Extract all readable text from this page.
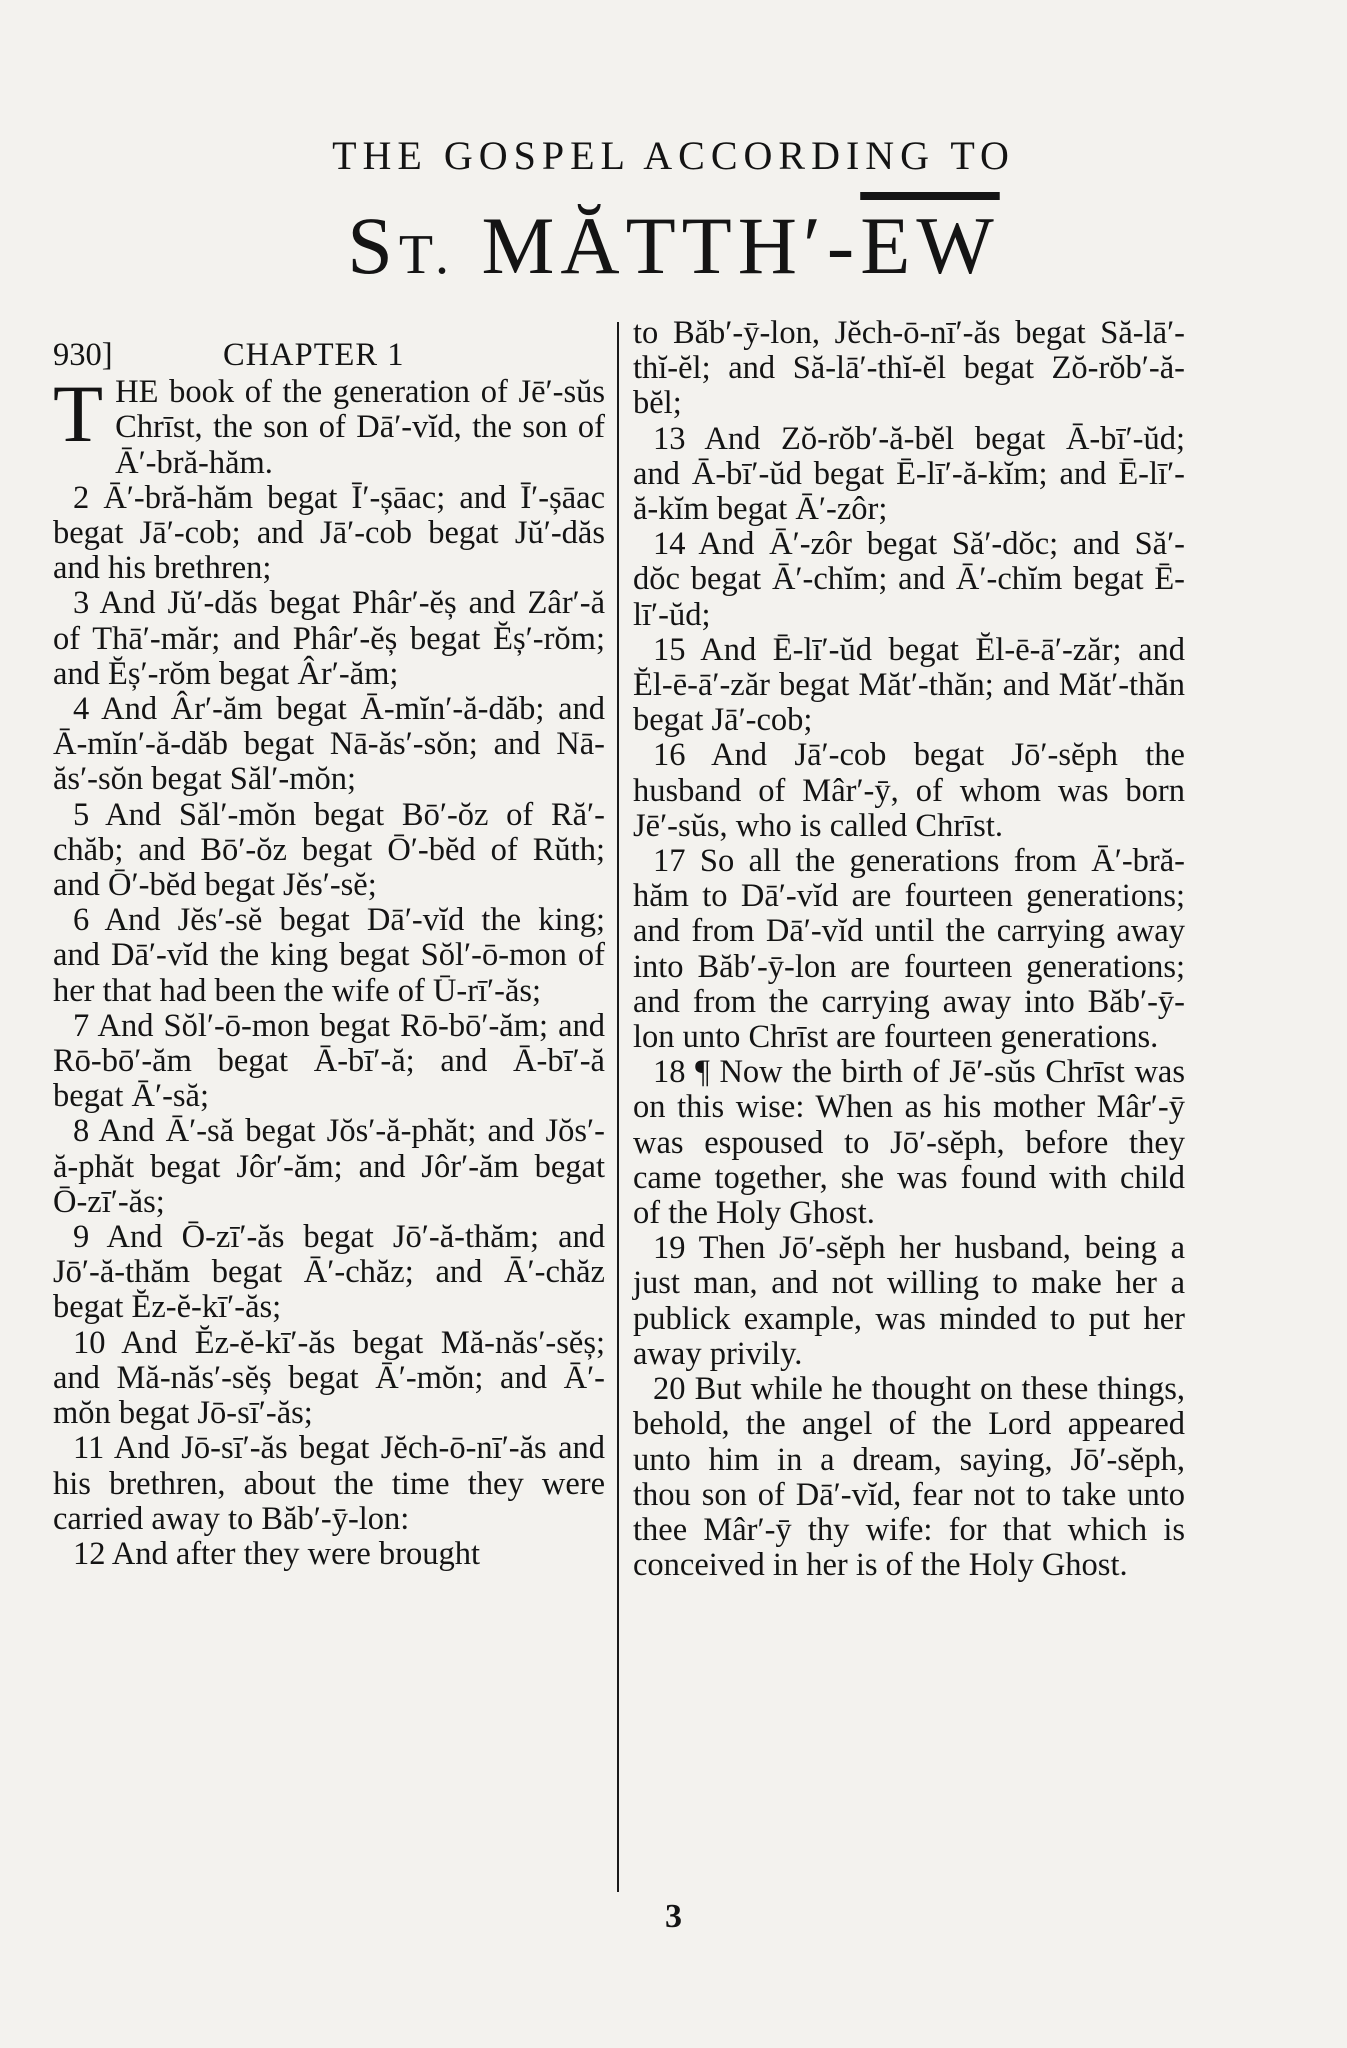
THE GOSPEL ACCORDING TO
ST. $MĂTTH'-\overline{EW}$
930]	CHAPTER 1

THE book of the generation of Jē′-sŭs Chrīst, the son of Dā′-vĭd, the son of Ā′-bră-hăm.

2 Ā′-bră-hăm begat Ī′-șāac; and Ī′-șāac begat Jā′-cob; and Jā′-cob begat Jŭ′-dăs and his brethren;

3 And Jŭ′-dăs begat Phâr′-ĕș and Zâr′-ă of Thā′-măr; and Phâr′-ĕș begat Ĕș′-rŏm; and Ĕș′-rŏm begat Âr′-ăm;

4 And Âr′-ăm begat Ā-mĭn′-ă-dăb; and Ā-mĭn′-ă-dăb begat Nā-ăs′-sŏn; and Nā-ăs′-sŏn begat Săl′-mŏn;

5 And Săl′-mŏn begat Bō′-ŏz of Ră′-chăb; and Bō′-ŏz begat Ō′-bĕd of Rŭth; and Ō′-bĕd begat Jĕs′-sĕ;

6 And Jĕs′-sĕ begat Dā′-vĭd the king; and Dā′-vĭd the king begat Sŏl′-ō-mon of her that had been the wife of Ū-rī′-ăs;

7 And Sŏl′-ō-mon begat Rō-bō′-ăm; and Rō-bō′-ăm begat Ā-bī′-ă; and Ā-bī′-ă begat Ā′-să;

8 And Ā′-să begat Jŏs′-ă-phăt; and Jŏs′-ă-phăt begat Jôr′-ăm; and Jôr′-ăm begat Ō-zī′-ăs;

9 And Ō-zī′-ăs begat Jō′-ă-thăm; and Jō′-ă-thăm begat Ā′-chăz; and Ā′-chăz begat Ĕz-ĕ-kī′-ăs;

10 And Ĕz-ĕ-kī′-ăs begat Mă-năs′-sĕș; and Mă-năs′-sĕș begat Ā′-mŏn; and Ā′-mŏn begat Jō-sī′-ăs;

11 And Jō-sī′-ăs begat Jĕch-ō-nī′-ăs and his brethren, about the time they were carried away to Băb′-ȳ-lon:

12 And after they were brought

to Băb′-ȳ-lon, Jĕch-ō-nī′-ăs begat Să-lā′-thĭ-ĕl; and Să-lā′-thĭ-ĕl begat Zŏ-rŏb′-ă-bĕl;

13 And Zŏ-rŏb′-ă-bĕl begat Ā-bī′-ŭd; and Ā-bī′-ŭd begat Ē-lī′-ă-kĭm; and Ē-lī′-ă-kĭm begat Ā′-zôr;

14 And Ā′-zôr begat Să′-dŏc; and Să′-dŏc begat Ā′-chĭm; and Ā′-chĭm begat Ē-lī′-ŭd;

15 And Ē-lī′-ŭd begat Ĕl-ē-ā′-zăr; and Ĕl-ē-ā′-zăr begat Măt′-thăn; and Măt′-thăn begat Jā′-cob;

16 And Jā′-cob begat Jō′-sĕph the husband of Mâr′-ȳ, of whom was born Jē′-sŭs, who is called Chrīst.

17 So all the generations from Ā′-bră-hăm to Dā′-vĭd are fourteen generations; and from Dā′-vĭd until the carrying away into Băb′-ȳ-lon are fourteen generations; and from the carrying away into Băb′-ȳ-lon unto Chrīst are fourteen generations.

18 ¶ Now the birth of Jē′-sŭs Chrīst was on this wise: When as his mother Mâr′-ȳ was espoused to Jō′-sĕph, before they came together, she was found with child of the Holy Ghost.

19 Then Jō′-sĕph her husband, being a just man, and not willing to make her a publick example, was minded to put her away privily.

20 But while he thought on these things, behold, the angel of the Lord appeared unto him in a dream, saying, Jō′-sĕph, thou son of Dā′-vĭd, fear not to take unto thee Mâr′-ȳ thy wife: for that which is conceived in her is of the Holy Ghost.

3
